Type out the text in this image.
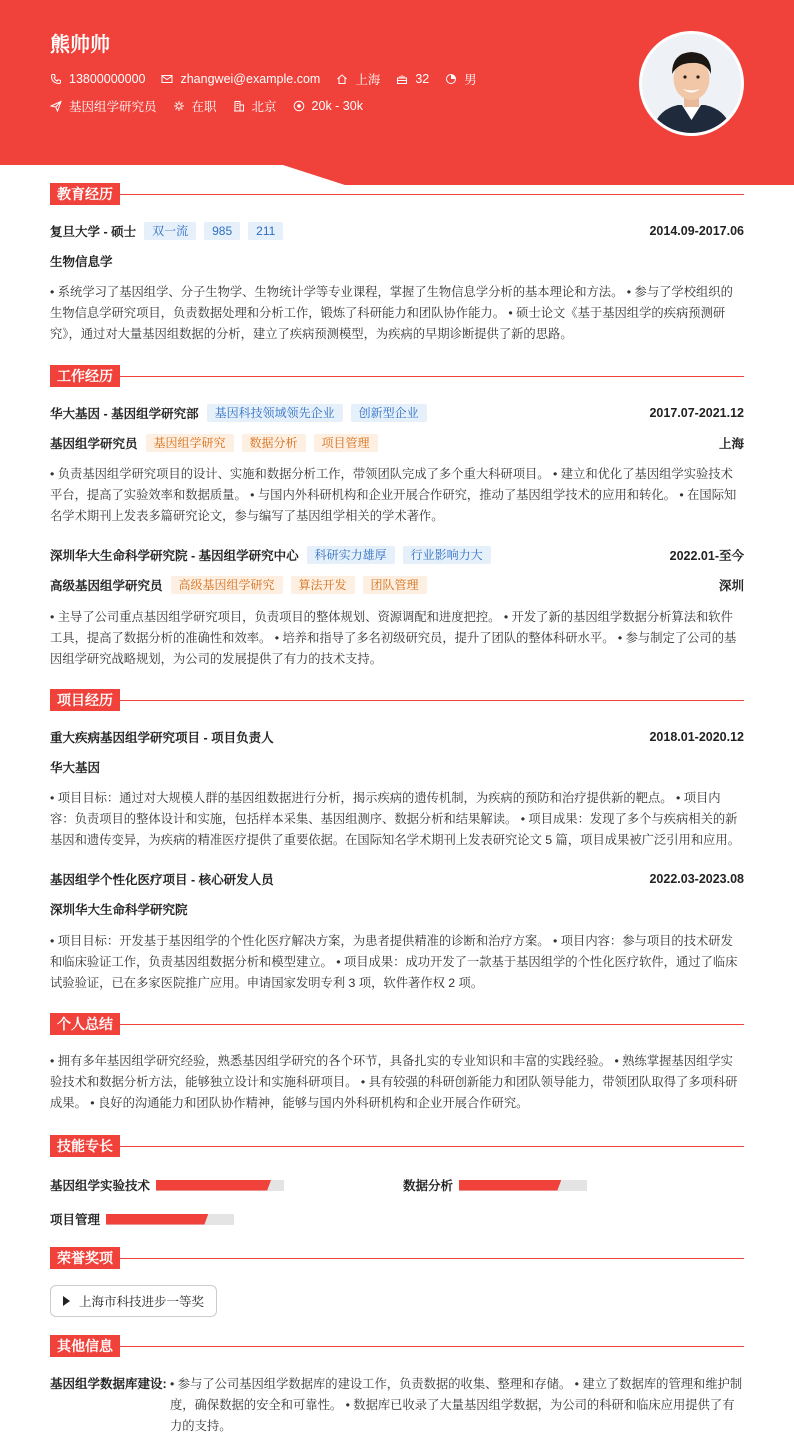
熊帅帅
13800000000	zhangwei@example.com	上海	32	男
基因组学研究员	在职	北京	20k - 30k
教育经历
复旦大学 - 硕士	双一流	985	211	2014.09-2017.06
生物信息学
• 系统学习了基因组学、分子生物学、生物统计学等专业课程，掌握了生物信息学分析的基本理论和方法。 • 参与了学校组织的生物信息学研究项目，负责数据处理和分析工作，锻炼了科研能力和团队协作能力。 • 硕士论文《基于基因组学的疾病预测研究》，通过对大量基因组数据的分析，建立了疾病预测模型，为疾病的早期诊断提供了新的思路。
工作经历
华大基因 - 基因组学研究部	基因科技领域领先企业	创新型企业	2017.07-2021.12
基因组学研究员	基因组学研究	数据分析	项目管理	上海
• 负责基因组学研究项目的设计、实施和数据分析工作，带领团队完成了多个重大科研项目。 • 建立和优化了基因组学实验技术平台，提高了实验效率和数据质量。 • 与国内外科研机构和企业开展合作研究，推动了基因组学技术的应用和转化。 • 在国际知名学术期刊上发表多篇研究论文，参与编写了基因组学相关的学术著作。
深圳华大生命科学研究院 - 基因组学研究中心	科研实力雄厚	行业影响力大	2022.01-至今
高级基因组学研究员	高级基因组学研究	算法开发	团队管理	深圳
• 主导了公司重点基因组学研究项目，负责项目的整体规划、资源调配和进度把控。 • 开发了新的基因组学数据分析算法和软件工具，提高了数据分析的准确性和效率。 • 培养和指导了多名初级研究员，提升了团队的整体科研水平。 • 参与制定了公司的基因组学研究战略规划，为公司的发展提供了有力的技术支持。
项目经历
重大疾病基因组学研究项目 - 项目负责人	2018.01-2020.12
华大基因
• 项目目标：通过对大规模人群的基因组数据进行分析，揭示疾病的遗传机制，为疾病的预防和治疗提供新的靶点。 • 项目内容：负责项目的整体设计和实施，包括样本采集、基因组测序、数据分析和结果解读。 • 项目成果：发现了多个与疾病相关的新基因和遗传变异，为疾病的精准医疗提供了重要依据。在国际知名学术期刊上发表研究论文 5 篇，项目成果被广泛引用和应用。
基因组学个性化医疗项目 - 核心研发人员	2022.03-2023.08
深圳华大生命科学研究院
• 项目目标：开发基于基因组学的个性化医疗解决方案，为患者提供精准的诊断和治疗方案。 • 项目内容：参与项目的技术研发和临床验证工作，负责基因组数据分析和模型建立。 • 项目成果：成功开发了一款基于基因组学的个性化医疗软件，通过了临床试验验证，已在多家医院推广应用。申请国家发明专利 3 项，软件著作权 2 项。
个人总结
• 拥有多年基因组学研究经验，熟悉基因组学研究的各个环节，具备扎实的专业知识和丰富的实践经验。 • 熟练掌握基因组学实验技术和数据分析方法，能够独立设计和实施科研项目。 • 具有较强的科研创新能力和团队领导能力，带领团队取得了多项科研成果。 • 良好的沟通能力和团队协作精神，能够与国内外科研机构和企业开展合作研究。
技能专长
基因组学实验技术	数据分析
项目管理
荣誉奖项
上海市科技进步一等奖
其他信息
基因组学数据库建设: • 参与了公司基因组学数据库的建设工作，负责数据的收集、整理和存储。 • 建立了数据库的管理和维护制度，确保数据的安全和可靠性。 • 数据库已收录了大量基因组学数据，为公司的科研和临床应用提供了有力的支持。
